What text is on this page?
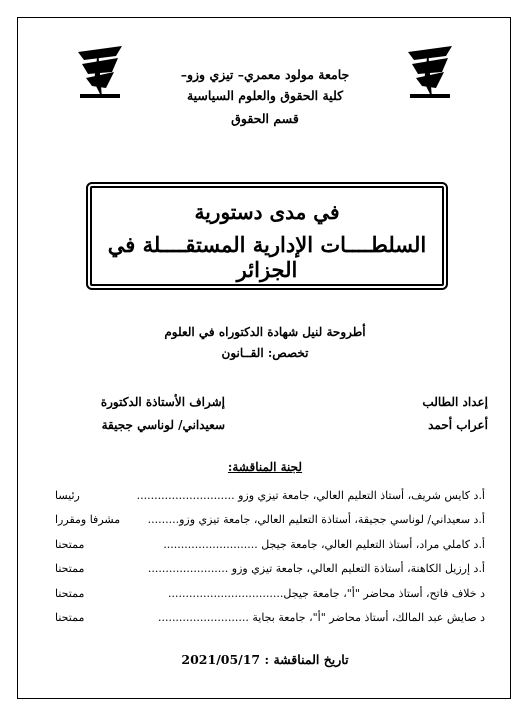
جامعة مولود معمري– تيزي وزو–
كلية الحقوق والعلوم السياسية
قسم الحقوق
في مدى دستورية
السلطــــات الإدارية المستقــــلة في الجزائر
أطروحة لنيل شهادة الدكتوراه في العلوم
تخصص: القــانون
إعداد الطالب
أعراب أحمد
إشراف الأستاذة الدكتورة
سعيداني/ لوناسي ججيقة
لجنة المناقشة:
أ.د كايس شريف، أستاذ التعليم العالي، جامعة تيزي وزو ............................
رئيسا
أ.د سعيداني/ لوناسي ججيقة، أستاذة التعليم العالي، جامعة تيزي وزو.........
مشرفا ومقررا
أ.د كاملي مراد، أستاذ التعليم العالي، جامعة جيجل ...........................
ممتحنا
أ.د إرزيل الكاهنة، أستاذة التعليم العالي، جامعة تيزي وزو .......................
ممتحنا
د خلاف فاتح، أستاذ محاضر "أ"، جامعة جيجل.................................
ممتحنا
د صايش عبد المالك، أستاذ محاضر "أ"، جامعة بجاية ..........................
ممتحنا
تاريخ المناقشة : 2021/05/17
